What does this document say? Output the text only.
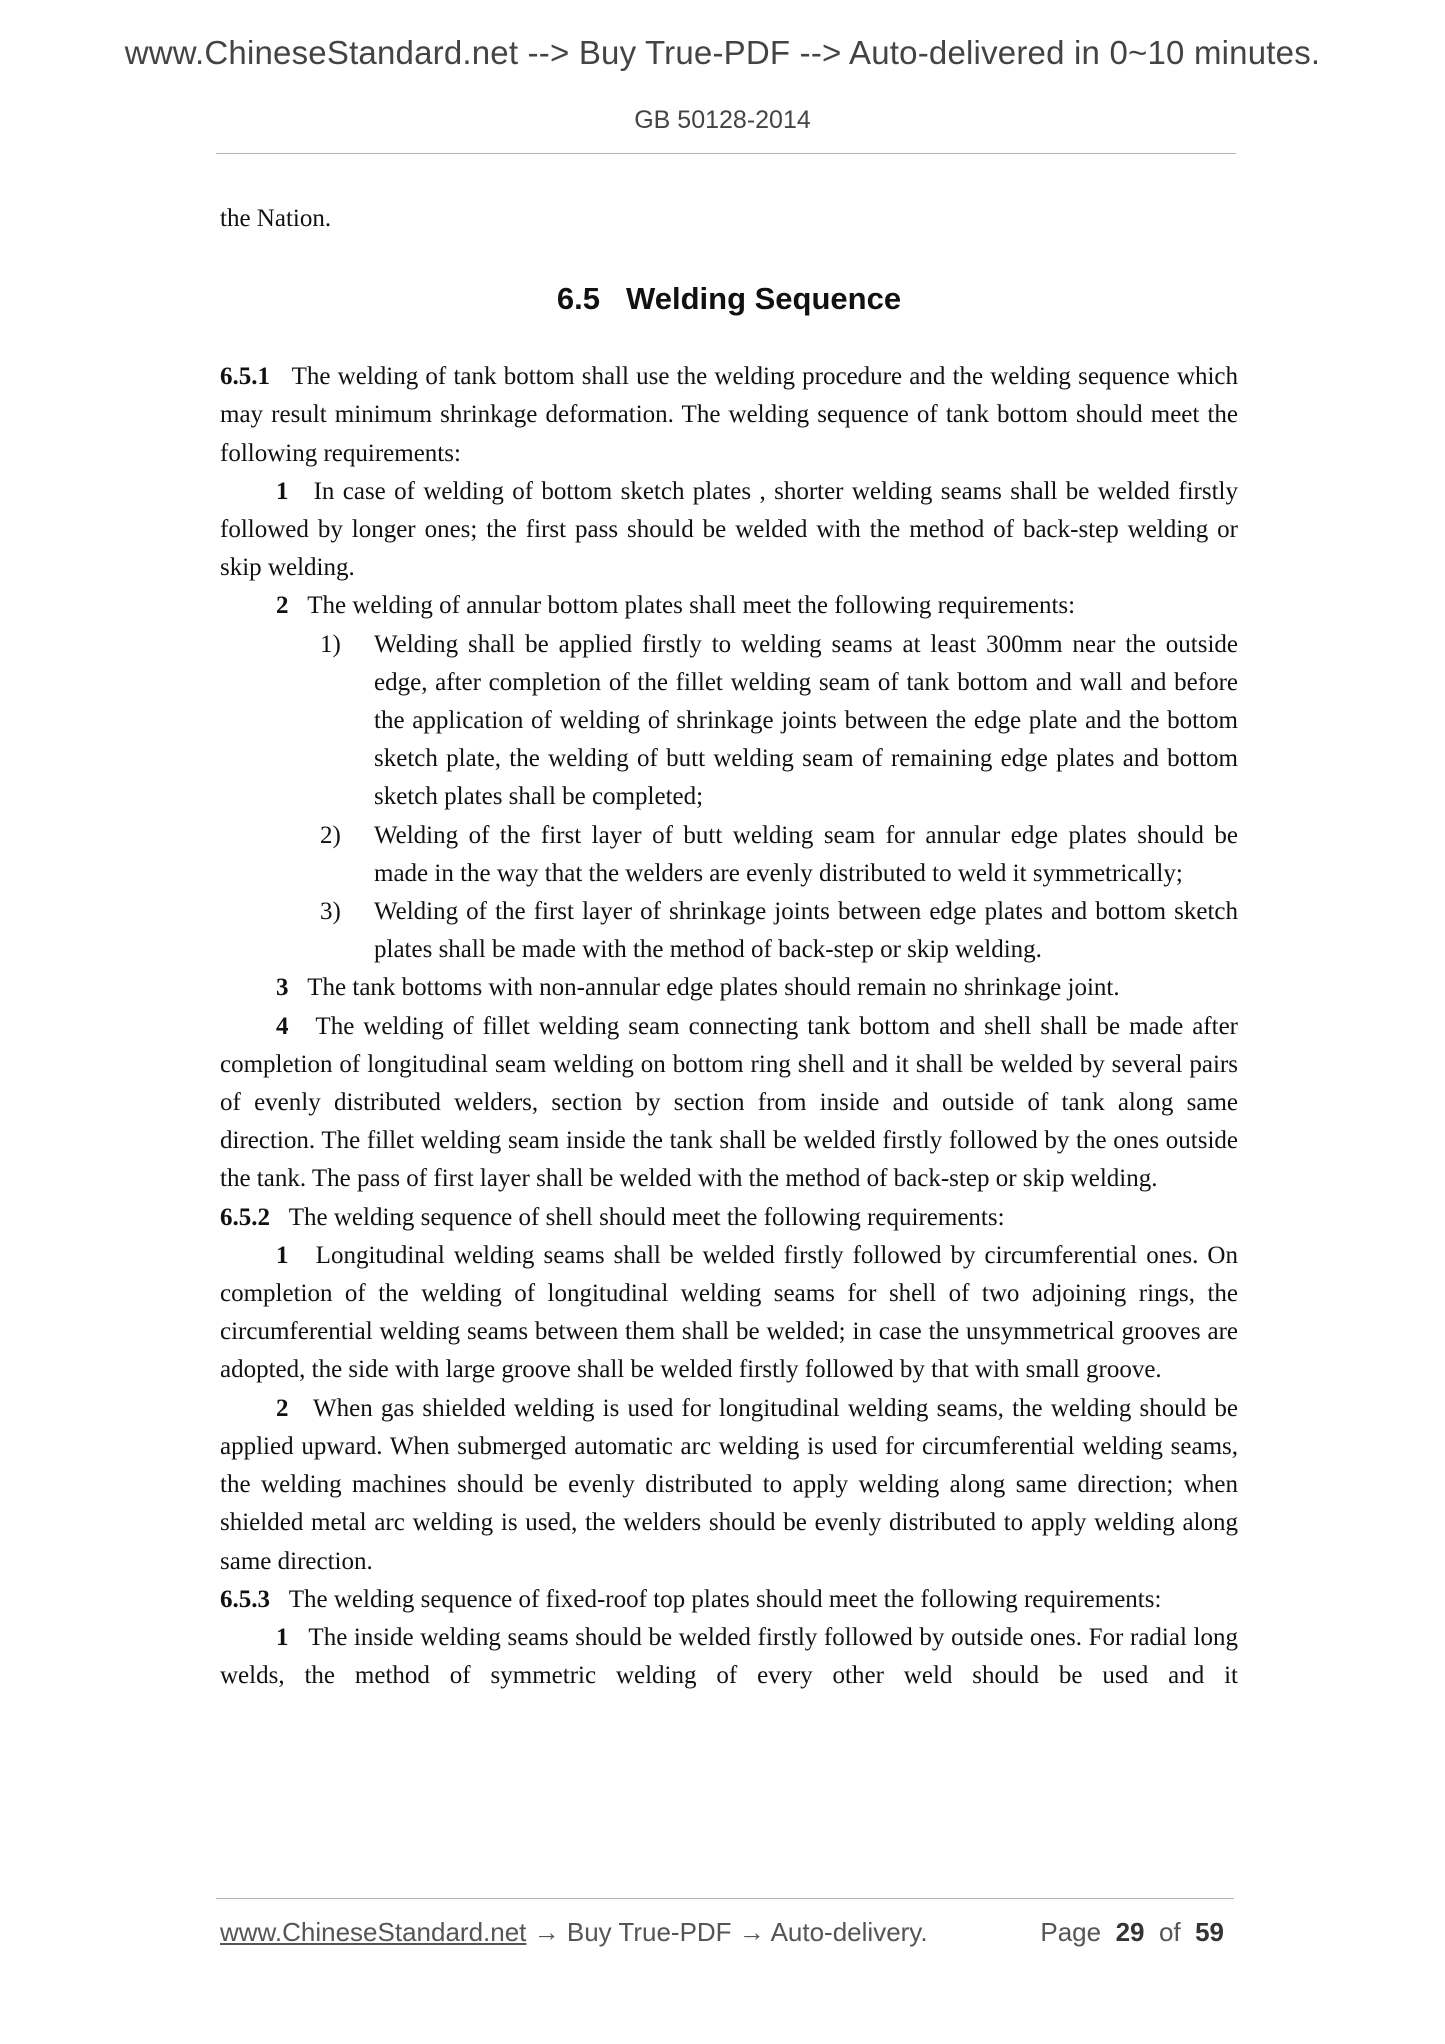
www.ChineseStandard.net --> Buy True-PDF --> Auto-delivered in 0~10 minutes.
GB 50128-2014

the Nation.

6.5 Welding Sequence

6.5.1 The welding of tank bottom shall use the welding procedure and the welding sequence which may result minimum shrinkage deformation. The welding sequence of tank bottom should meet the following requirements:

1 In case of welding of bottom sketch plates , shorter welding seams shall be welded firstly followed by longer ones; the first pass should be welded with the method of back-step welding or skip welding.

2 The welding of annular bottom plates shall meet the following requirements:

1) Welding shall be applied firstly to welding seams at least 300mm near the outside edge, after completion of the fillet welding seam of tank bottom and wall and before the application of welding of shrinkage joints between the edge plate and the bottom sketch plate, the welding of butt welding seam of remaining edge plates and bottom sketch plates shall be completed;

2) Welding of the first layer of butt welding seam for annular edge plates should be made in the way that the welders are evenly distributed to weld it symmetrically;

3) Welding of the first layer of shrinkage joints between edge plates and bottom sketch plates shall be made with the method of back-step or skip welding.

3 The tank bottoms with non-annular edge plates should remain no shrinkage joint.

4 The welding of fillet welding seam connecting tank bottom and shell shall be made after completion of longitudinal seam welding on bottom ring shell and it shall be welded by several pairs of evenly distributed welders, section by section from inside and outside of tank along same direction. The fillet welding seam inside the tank shall be welded firstly followed by the ones outside the tank. The pass of first layer shall be welded with the method of back-step or skip welding.

6.5.2 The welding sequence of shell should meet the following requirements:

1 Longitudinal welding seams shall be welded firstly followed by circumferential ones. On completion of the welding of longitudinal welding seams for shell of two adjoining rings, the circumferential welding seams between them shall be welded; in case the unsymmetrical grooves are adopted, the side with large groove shall be welded firstly followed by that with small groove.

2 When gas shielded welding is used for longitudinal welding seams, the welding should be applied upward. When submerged automatic arc welding is used for circumferential welding seams, the welding machines should be evenly distributed to apply welding along same direction; when shielded metal arc welding is used, the welders should be evenly distributed to apply welding along same direction.

6.5.3 The welding sequence of fixed-roof top plates should meet the following requirements:

1 The inside welding seams should be welded firstly followed by outside ones. For radial long welds, the method of symmetric welding of every other weld should be used and it

www.ChineseStandard.net → Buy True-PDF → Auto-delivery.	Page 29 of 59
